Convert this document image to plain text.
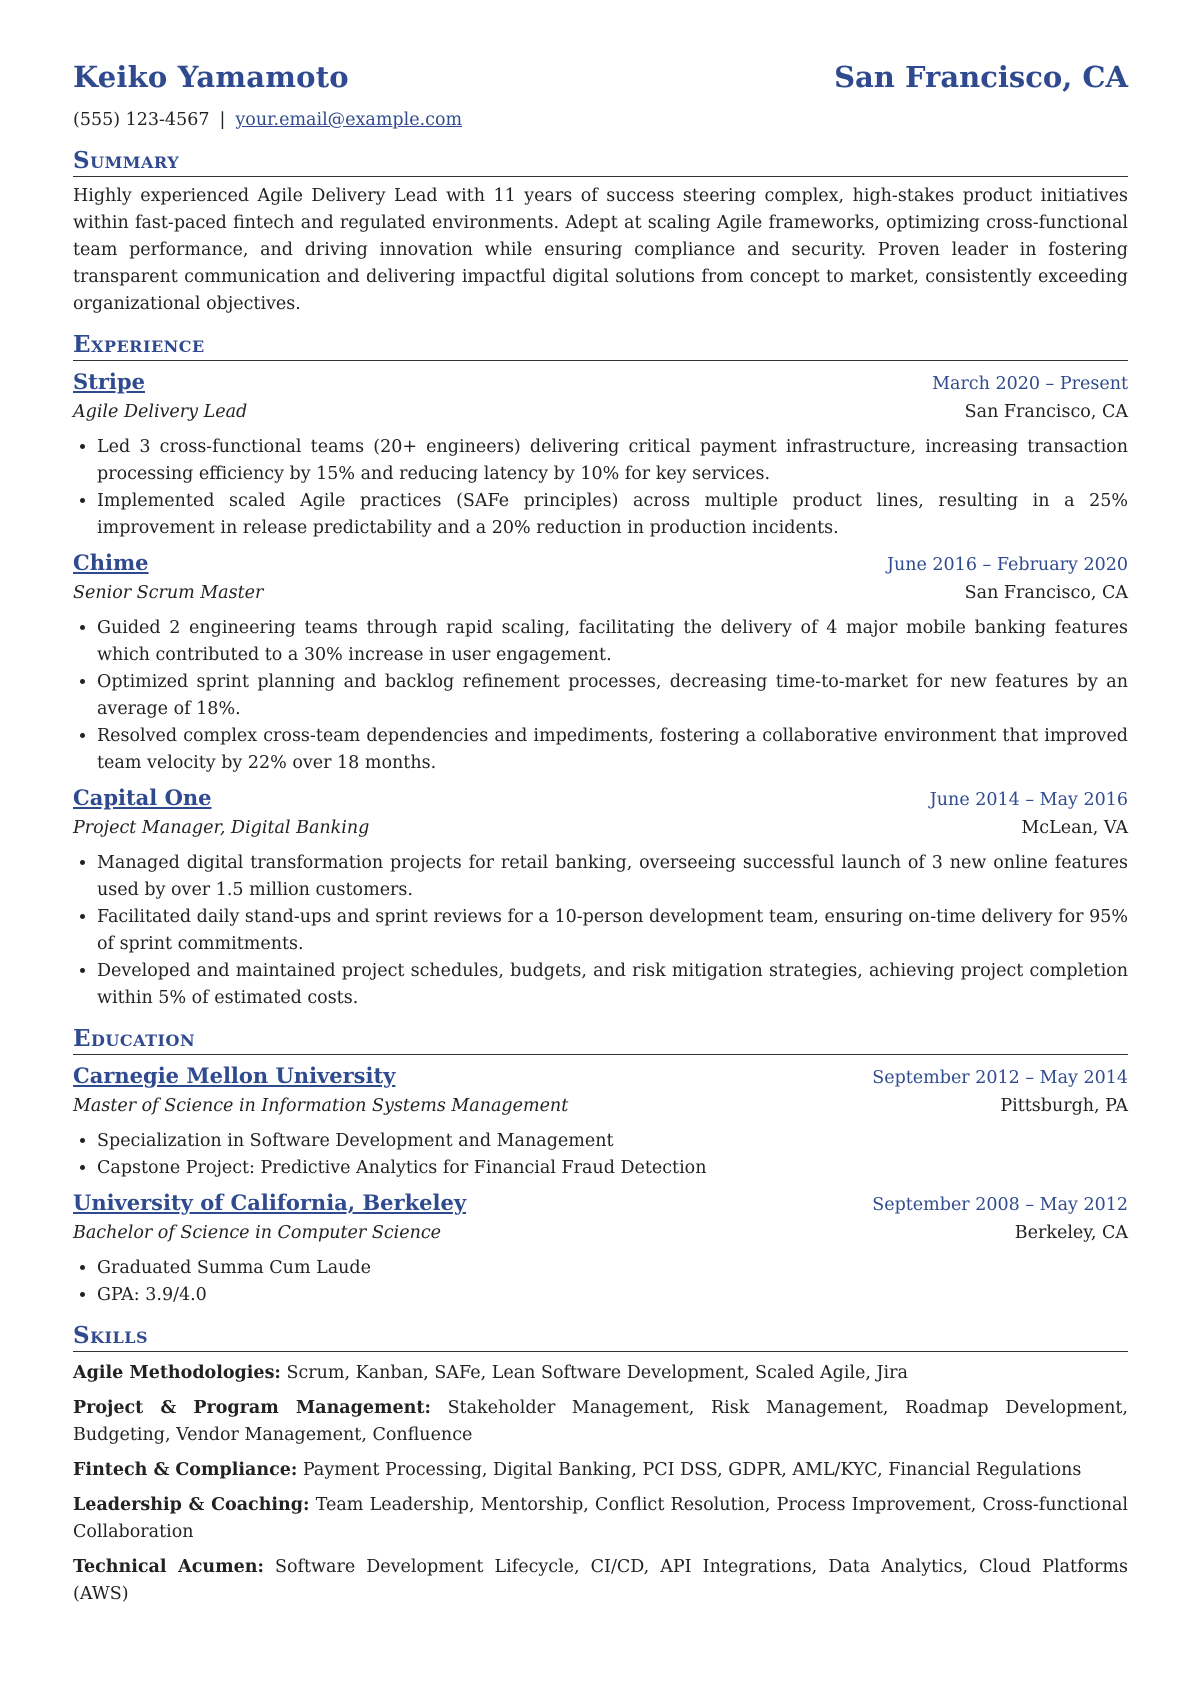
Keiko Yamamoto	San Francisco, CA
(555) 123-4567 | your.email@example.com
Summary
Highly experienced Agile Delivery Lead with 11 years of success steering complex, high-stakes product initiatives within fast-paced fintech and regulated environments. Adept at scaling Agile frameworks, optimizing cross-functional team performance, and driving innovation while ensuring compliance and security. Proven leader in fostering transparent communication and delivering impactful digital solutions from concept to market, consistently exceeding organizational objectives.
Experience
Stripe	March 2020 – Present
Agile Delivery Lead	San Francisco, CA
• Led 3 cross-functional teams (20+ engineers) delivering critical payment infrastructure, increasing transaction processing efficiency by 15% and reducing latency by 10% for key services.
• Implemented scaled Agile practices (SAFe principles) across multiple product lines, resulting in a 25% improvement in release predictability and a 20% reduction in production incidents.
Chime	June 2016 – February 2020
Senior Scrum Master	San Francisco, CA
• Guided 2 engineering teams through rapid scaling, facilitating the delivery of 4 major mobile banking features which contributed to a 30% increase in user engagement.
• Optimized sprint planning and backlog refinement processes, decreasing time-to-market for new features by an average of 18%.
• Resolved complex cross-team dependencies and impediments, fostering a collaborative environment that improved team velocity by 22% over 18 months.
Capital One	June 2014 – May 2016
Project Manager, Digital Banking	McLean, VA
• Managed digital transformation projects for retail banking, overseeing successful launch of 3 new online features used by over 1.5 million customers.
• Facilitated daily stand-ups and sprint reviews for a 10-person development team, ensuring on-time delivery for 95% of sprint commitments.
• Developed and maintained project schedules, budgets, and risk mitigation strategies, achieving project completion within 5% of estimated costs.
Education
Carnegie Mellon University	September 2012 – May 2014
Master of Science in Information Systems Management	Pittsburgh, PA
• Specialization in Software Development and Management
• Capstone Project: Predictive Analytics for Financial Fraud Detection
University of California, Berkeley	September 2008 – May 2012
Bachelor of Science in Computer Science	Berkeley, CA
• Graduated Summa Cum Laude
• GPA: 3.9/4.0
Skills
Agile Methodologies: Scrum, Kanban, SAFe, Lean Software Development, Scaled Agile, Jira
Project & Program Management: Stakeholder Management, Risk Management, Roadmap Development, Budgeting, Vendor Management, Confluence
Fintech & Compliance: Payment Processing, Digital Banking, PCI DSS, GDPR, AML/KYC, Financial Regulations
Leadership & Coaching: Team Leadership, Mentorship, Conflict Resolution, Process Improvement, Cross-functional Collaboration
Technical Acumen: Software Development Lifecycle, CI/CD, API Integrations, Data Analytics, Cloud Platforms (AWS)
